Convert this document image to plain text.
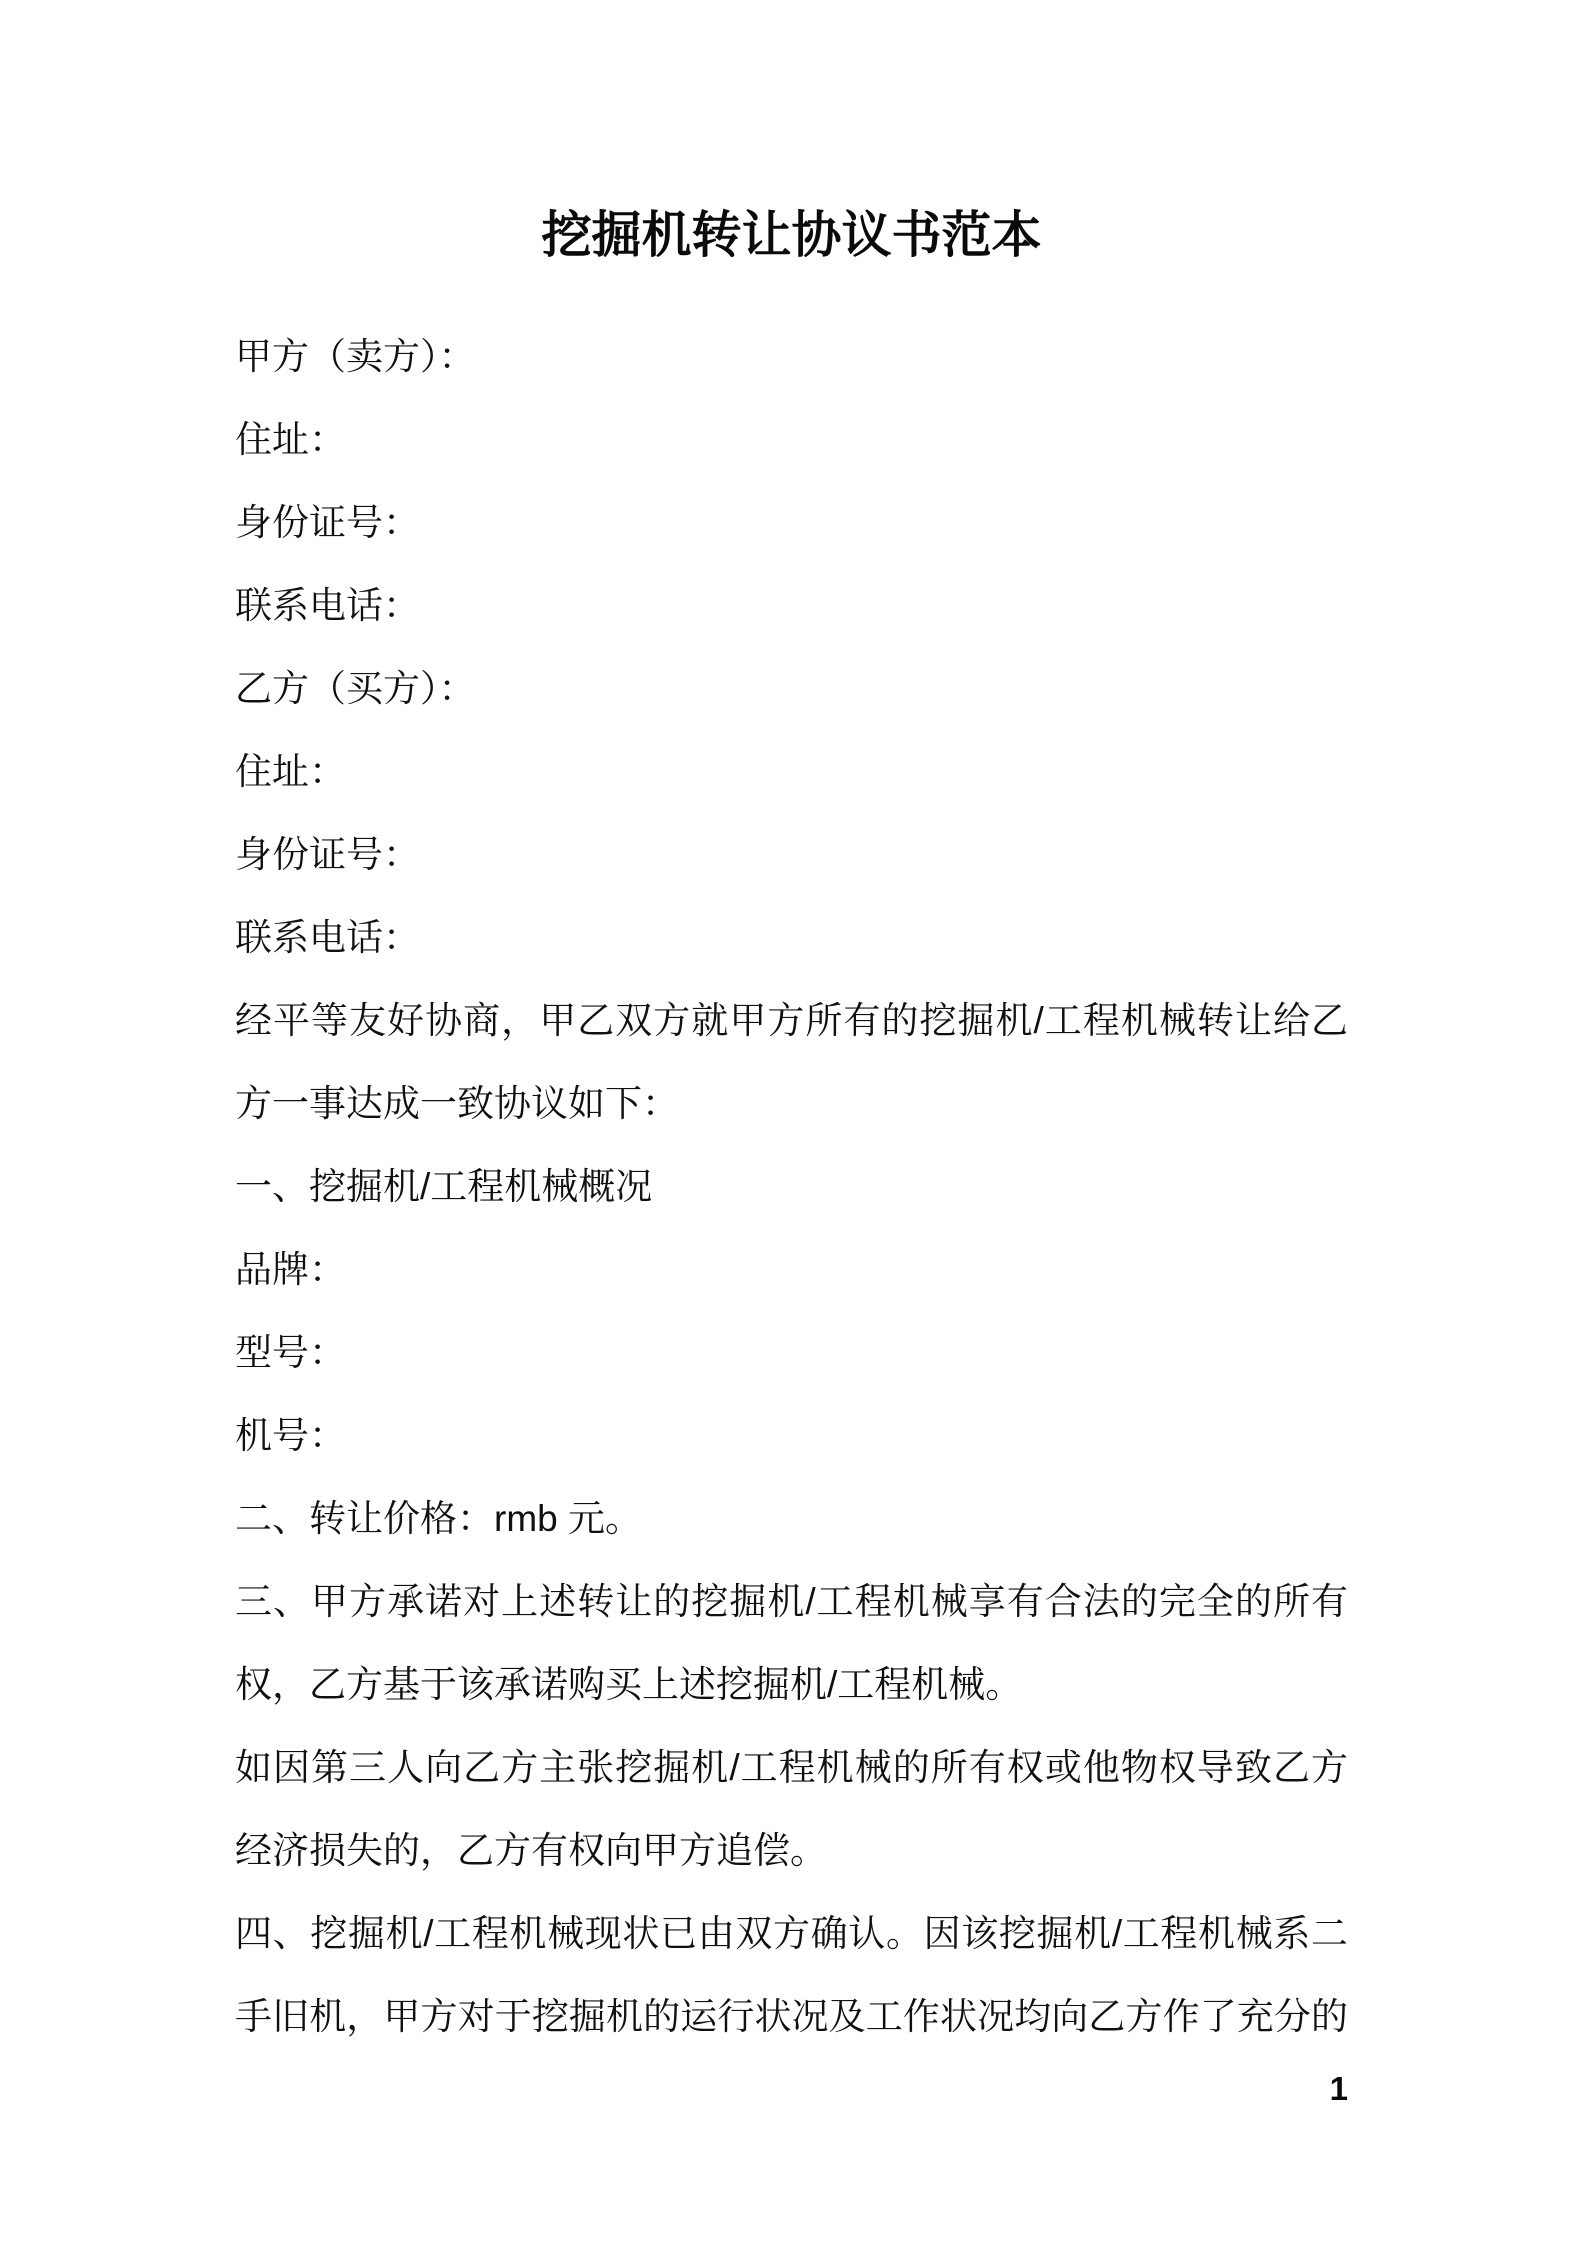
挖掘机转让协议书范本
甲方（卖方）：
住址：
身份证号：
联系电话：
乙方（买方）：
住址：
身份证号：
联系电话：
经平等友好协商，甲乙双方就甲方所有的挖掘机/工程机械转让给乙
方一事达成一致协议如下：
一、挖掘机/工程机械概况
品牌：
型号：
机号：
二、转让价格：rmb 元。
三、甲方承诺对上述转让的挖掘机/工程机械享有合法的完全的所有
权，乙方基于该承诺购买上述挖掘机/工程机械。
如因第三人向乙方主张挖掘机/工程机械的所有权或他物权导致乙方
经济损失的，乙方有权向甲方追偿。
四、挖掘机/工程机械现状已由双方确认。因该挖掘机/工程机械系二
手旧机，甲方对于挖掘机的运行状况及工作状况均向乙方作了充分的
1
